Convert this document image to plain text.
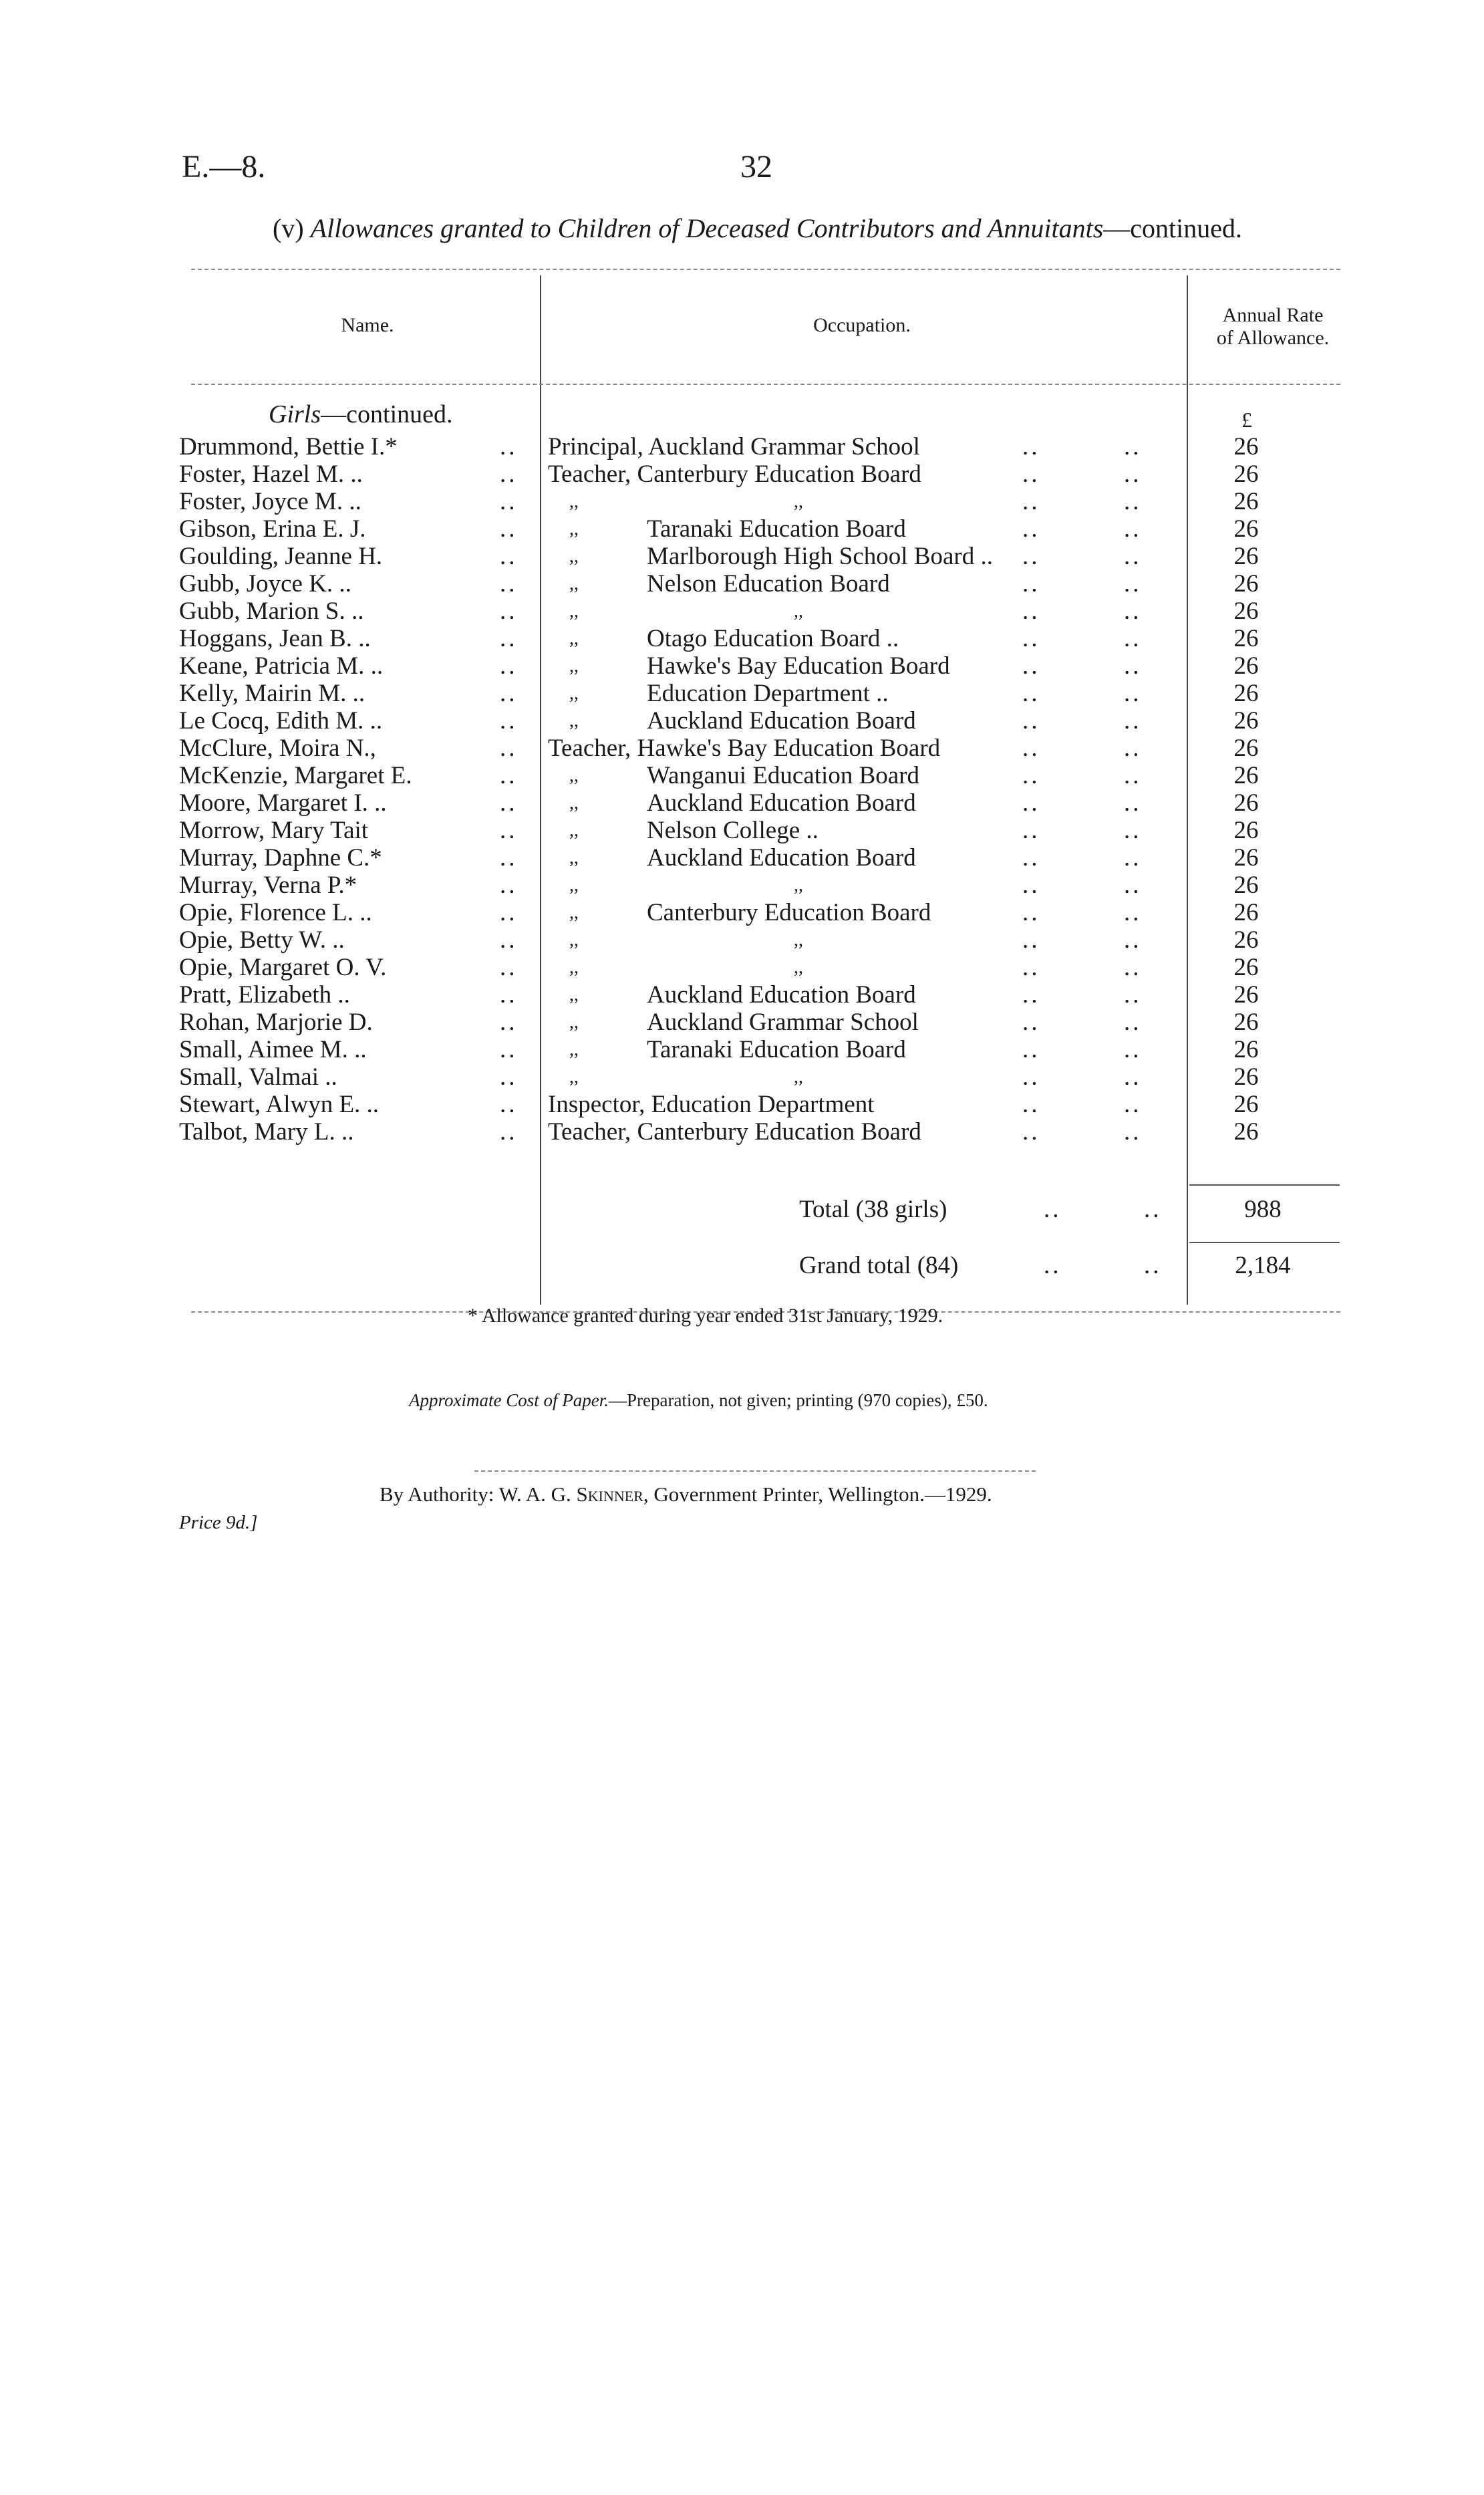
E.—8.	32
(v) Allowances granted to Children of Deceased Contributors and Annuitants—continued.
Name.	Occupation.	Annual Rate
of Allowance.
Girls—continued.	£
Drummond, Bettie I.*	.. Principal, Auckland Grammar School	..	..	26
Foster, Hazel M. ..	.. Teacher, Canterbury Education Board	..	..	26
Foster, Joyce M. ..	..	,,	,,	..	..	26
Gibson, Erina E. J.	..	,,	Taranaki Education Board	..	..	26
Goulding, Jeanne H.	..	,,	Marlborough High School Board .. ..	..	26
Gubb, Joyce K. ..	..	,,	Nelson Education Board	..	..	26
Gubb, Marion S. ..	..	,,	,,	..	..	26
Hoggans, Jean B. ..	..	,,	Otago Education Board ..	..	..	26
Keane, Patricia M. ..	..	,,	Hawke's Bay Education Board	..	..	26
Kelly, Mairin M. ..	..	,,	Education Department ..	..	..	26
Le Cocq, Edith M. ..	..	,,	Auckland Education Board	..	..	26
McClure, Moira N.,	.. Teacher, Hawke's Bay Education Board	..	..	26
McKenzie, Margaret E.	..	,,	Wanganui Education Board	..	..	26
Moore, Margaret I. ..	..	,,	Auckland Education Board	..	..	26
Morrow, Mary Tait	..	,,	Nelson College ..	..	..	26
Murray, Daphne C.*	..	,,	Auckland Education Board	..	..	26
Murray, Verna P.*	..	,,	,,	..	..	26
Opie, Florence L. ..	..	,,	Canterbury Education Board	..	..	26
Opie, Betty W. ..	..	,,	,,	..	..	26
Opie, Margaret O. V.	..	,,	,,	..	..	26
Pratt, Elizabeth ..	..	,,	Auckland Education Board	..	..	26
Rohan, Marjorie D.	..	,,	Auckland Grammar School	..	..	26
Small, Aimee M. ..	..	,,	Taranaki Education Board	..	..	26
Small, Valmai ..	..	,,	,,	..	..	26
Stewart, Alwyn E. ..	.. Inspector, Education Department	..	..	26
Talbot, Mary L. ..	.. Teacher, Canterbury Education Board	..	..	26
Total (38 girls)	..	..	988
Grand total (84)	..	..	2,184
* Allowance granted during year ended 31st January, 1929.
Approximate Cost of Paper.—Preparation, not given; printing (970 copies), £50.
By Authority: W. A. G. Skinner, Government Printer, Wellington.—1929.
Price 9d.]
